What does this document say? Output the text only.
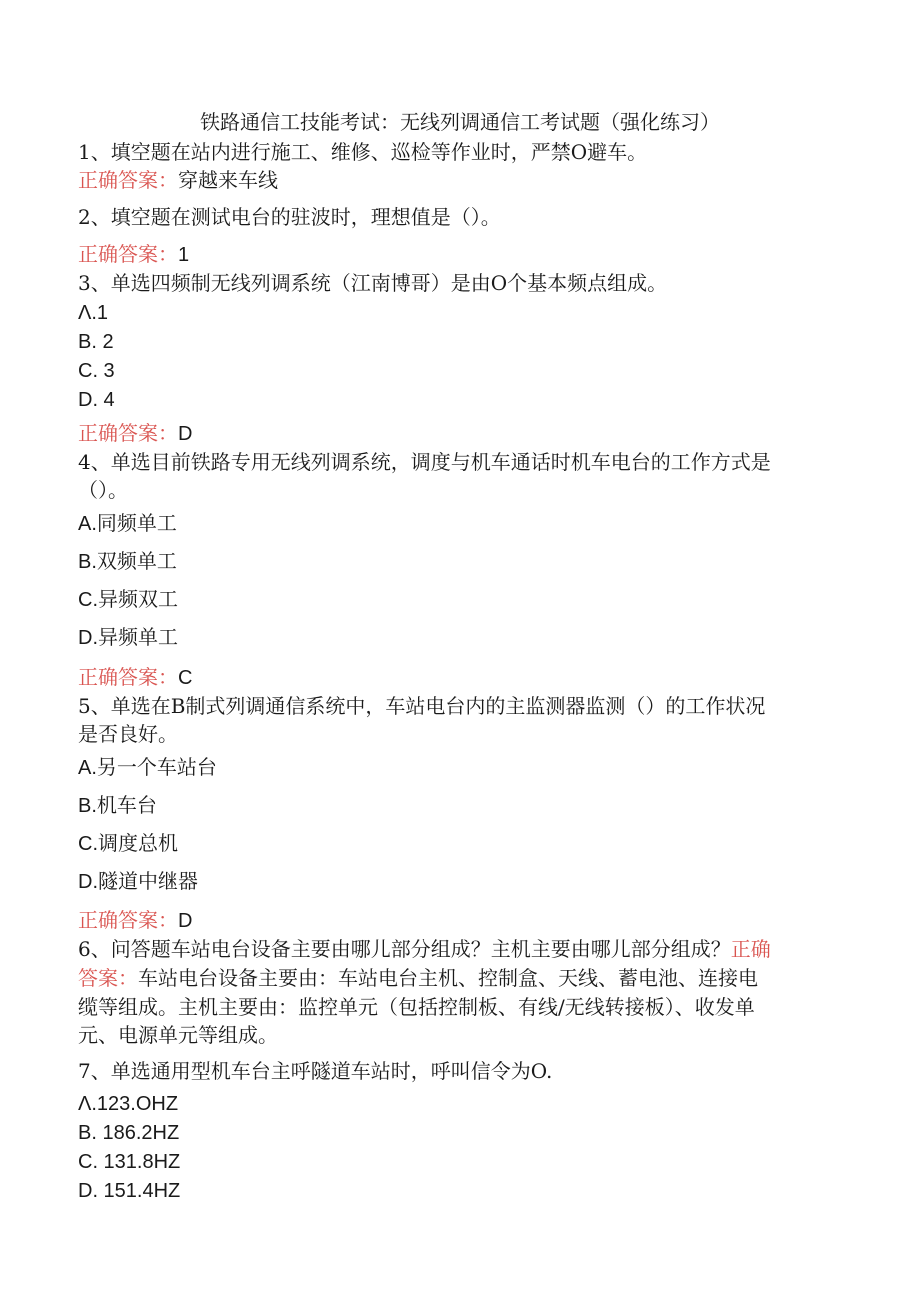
铁路通信工技能考试：无线列调通信工考试题（强化练习）
1、填空题在站内进行施工、维修、巡检等作业时，严禁O避车。
正确答案：穿越来车线
2、填空题在测试电台的驻波时，理想值是（）。
正确答案：1
3、单选四频制无线列调系统（江南博哥）是由O个基本频点组成。
Λ.1
B. 2
C. 3
D. 4
正确答案：D
4、单选目前铁路专用无线列调系统，调度与机车通话时机车电台的工作方式是
（）。
A.同频单工
B.双频单工
C.异频双工
D.异频单工
正确答案：C
5、单选在B制式列调通信系统中，车站电台内的主监测器监测（）的工作状况
是否良好。
A.另一个车站台
B.机车台
C.调度总机
D.隧道中继器
正确答案：D
6、问答题车站电台设备主要由哪儿部分组成？主机主要由哪儿部分组成？正确
答案：车站电台设备主要由：车站电台主机、控制盒、天线、蓄电池、连接电
缆等组成。主机主要由：监控单元（包括控制板、有线/无线转接板）、收发单
元、电源单元等组成。
7、单选通用型机车台主呼隧道车站时，呼叫信令为O.
Λ.123.OHZ
B. 186.2HZ
C. 131.8HZ
D. 151.4HZ
